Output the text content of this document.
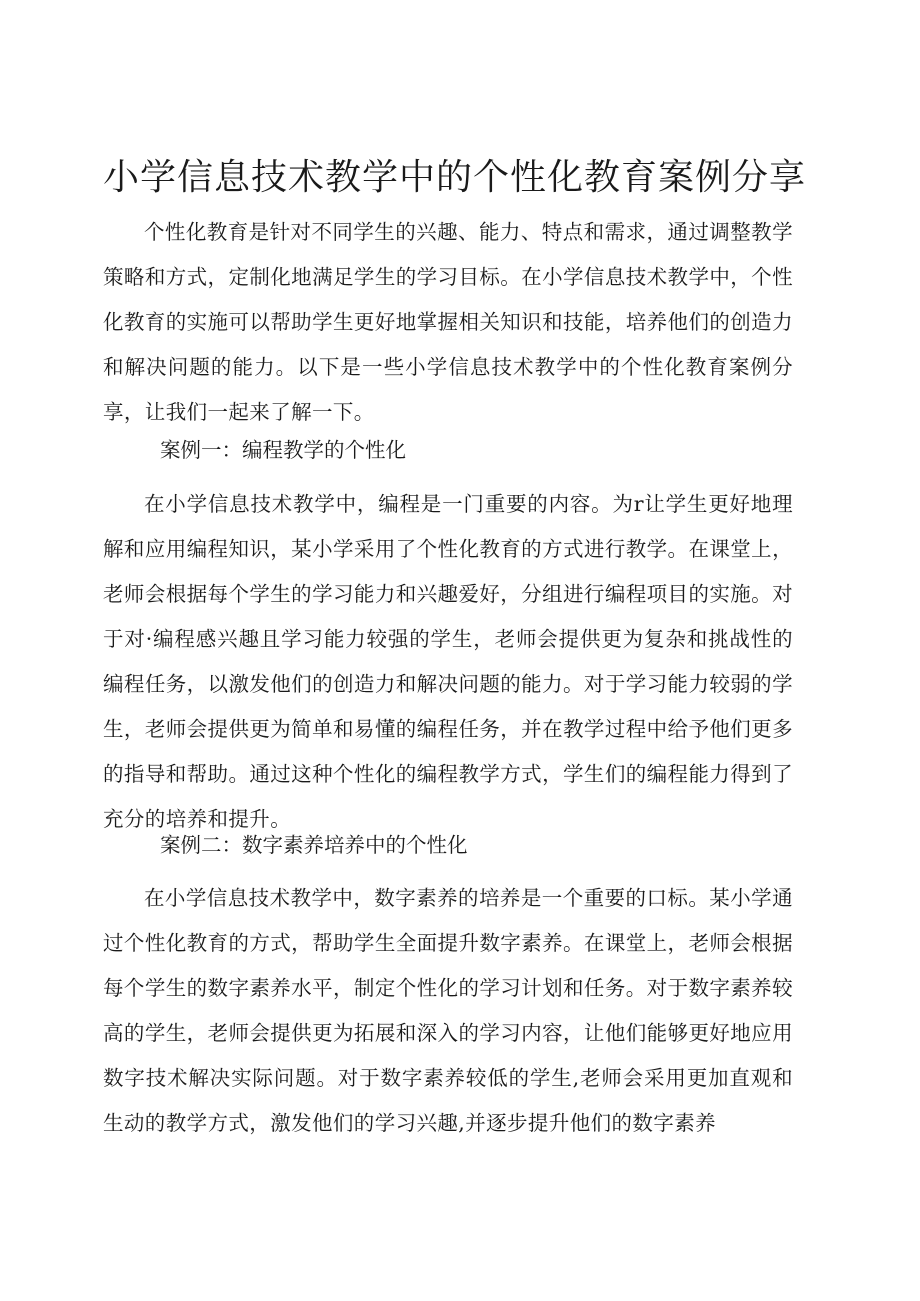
小学信息技术教学中的个性化教育案例分享

个性化教育是针对不同学生的兴趣、能力、特点和需求，通过调整教学策略和方式，定制化地满足学生的学习目标。在小学信息技术教学中，个性化教育的实施可以帮助学生更好地掌握相关知识和技能，培养他们的创造力和解决问题的能力。以下是一些小学信息技术教学中的个性化教育案例分享，让我们一起来了解一下。

案例一：编程教学的个性化

在小学信息技术教学中，编程是一门重要的内容。为r让学生更好地理解和应用编程知识，某小学采用了个性化教育的方式进行教学。在课堂上，老师会根据每个学生的学习能力和兴趣爱好，分组进行编程项目的实施。对于对·编程感兴趣且学习能力较强的学生，老师会提供更为复杂和挑战性的编程任务，以激发他们的创造力和解决问题的能力。对于学习能力较弱的学生，老师会提供更为简单和易懂的编程任务，并在教学过程中给予他们更多的指导和帮助。通过这种个性化的编程教学方式，学生们的编程能力得到了充分的培养和提升。

案例二：数字素养培养中的个性化

在小学信息技术教学中，数字素养的培养是一个重要的口标。某小学通过个性化教育的方式，帮助学生全面提升数字素养。在课堂上，老师会根据每个学生的数字素养水平，制定个性化的学习计划和任务。对于数字素养较高的学生，老师会提供更为拓展和深入的学习内容，让他们能够更好地应用数字技术解决实际问题。对于数字素养较低的学生,老师会采用更加直观和生动的教学方式，激发他们的学习兴趣,并逐步提升他们的数字素养
